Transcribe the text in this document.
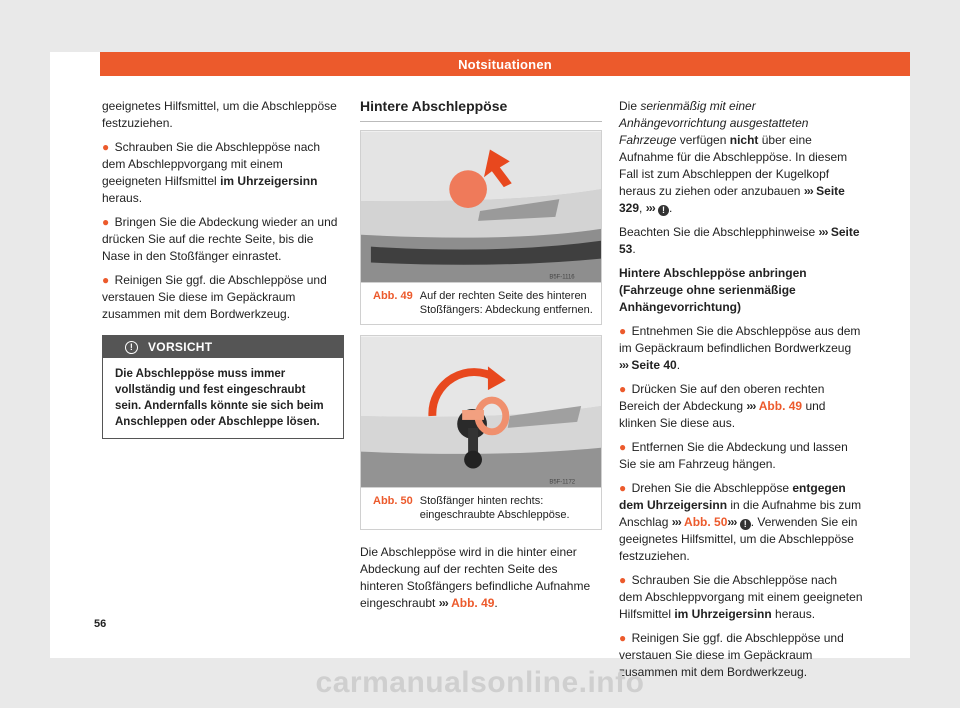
Notsituationen

geeignetes Hilfsmittel, um die Abschleppöse festzuziehen.

● Schrauben Sie die Abschleppöse nach dem Abschleppvorgang mit einem geeigneten Hilfsmittel im Uhrzeigersinn heraus.

● Bringen Sie die Abdeckung wieder an und drücken Sie auf die rechte Seite, bis die Nase in den Stoßfänger einrastet.

● Reinigen Sie ggf. die Abschleppöse und verstauen Sie diese im Gepäckraum zusammen mit dem Bordwerkzeug.

!	VORSICHT
Die Abschleppöse muss immer vollständig und fest eingeschraubt sein. Andernfalls könnte sie sich beim Anschleppen oder Abschleppe lösen.
Hintere Abschleppöse
B5F-1116
Abb. 49 Auf der rechten Seite des hinteren Stoßfängers: Abdeckung entfernen.
B5F-1172
Abb. 50 Stoßfänger hinten rechts: eingeschraubte Abschleppöse.

Die Abschleppöse wird in die hinter einer Abdeckung auf der rechten Seite des hinteren Stoßfängers befindliche Aufnahme eingeschraubt ››› Abb. 49.

Die serienmäßig mit einer Anhängevorrichtung ausgestatteten Fahrzeuge verfügen nicht über eine Aufnahme für die Abschleppöse. In diesem Fall ist zum Abschleppen der Kugelkopf heraus zu ziehen oder anzubauen ››› Seite 329, ››› ! .

Beachten Sie die Abschlepphinweise ››› Seite 53.

Hintere Abschleppöse anbringen (Fahrzeuge ohne serienmäßige Anhängevorrichtung)

● Entnehmen Sie die Abschleppöse aus dem im Gepäckraum befindlichen Bordwerkzeug ››› Seite 40.

● Drücken Sie auf den oberen rechten Bereich der Abdeckung ››› Abb. 49 und klinken Sie diese aus.

● Entfernen Sie die Abdeckung und lassen Sie sie am Fahrzeug hängen.

● Drehen Sie die Abschleppöse entgegen dem Uhrzeigersinn in die Aufnahme bis zum Anschlag ››› Abb. 50››› ! . Verwenden Sie ein geeignetes Hilfsmittel, um die Abschleppöse festzuziehen.

● Schrauben Sie die Abschleppöse nach dem Abschleppvorgang mit einem geeigneten Hilfsmittel im Uhrzeigersinn heraus.

● Reinigen Sie ggf. die Abschleppöse und verstauen Sie diese im Gepäckraum zusammen mit dem Bordwerkzeug.

56
carmanualsonline.info
